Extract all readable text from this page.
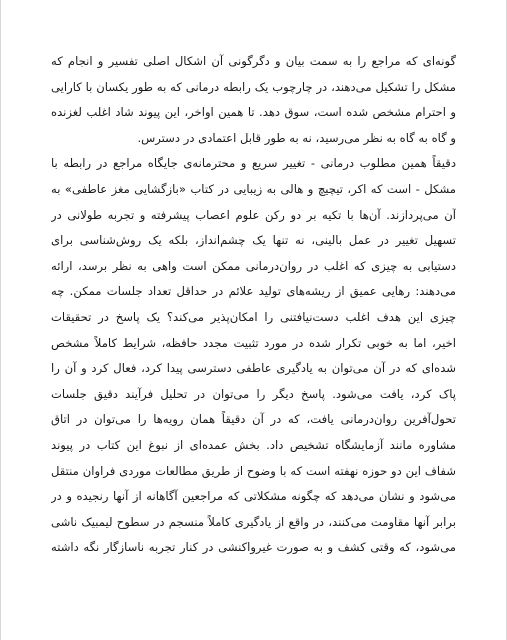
گونه‌ای که مراجع را به سمت بیان و دگرگونی آن اشکال اصلی تفسیر و انجام که
مشکل را تشکیل می‌دهند، در چارچوب یک رابطه درمانی که به طور یکسان با کارایی
و احترام مشخص شده است، سوق دهد. تا همین اواخر، این پیوند شاد اغلب لغزنده
و گاه به گاه به نظر می‌رسید، نه به طور قابل اعتمادی در دسترس.
دقیقاً همین مطلوب درمانی - تغییر سریع و محترمانه‌ی جایگاه مراجع در رابطه با
مشکل - است که اکر، تیچیچ و هالی به زیبایی در کتاب «بازگشایی مغز عاطفی» به
آن می‌پردازند. آن‌ها با تکیه بر دو رکن علوم اعصاب پیشرفته و تجربه طولانی در
تسهیل تغییر در عمل بالینی، نه تنها یک چشم‌انداز، بلکه یک روش‌شناسی برای
دستیابی به چیزی که اغلب در روان‌درمانی ممکن است واهی به نظر برسد، ارائه
می‌دهند: رهایی عمیق از ریشه‌های تولید علائم در حداقل تعداد جلسات ممکن. چه
چیزی این هدف اغلب دست‌نیافتنی را امکان‌پذیر می‌کند؟ یک پاسخ در تحقیقات
اخیر، اما به خوبی تکرار شده در مورد تثبیت مجدد حافظه، شرایط کاملاً مشخص
شده‌ای که در آن می‌توان به یادگیری عاطفی دسترسی پیدا کرد، فعال کرد و آن را
پاک کرد، یافت می‌شود. پاسخ دیگر را می‌توان در تحلیل فرآیند دقیق جلسات
تحول‌آفرین روان‌درمانی یافت، که در آن دقیقاً همان رویه‌ها را می‌توان در اتاق
مشاوره مانند آزمایشگاه تشخیص داد. بخش عمده‌ای از نبوغ این کتاب در پیوند
شفاف این دو حوزه نهفته است که با وضوح از طریق مطالعات موردی فراوان منتقل
می‌شود و نشان می‌دهد که چگونه مشکلاتی که مراجعین آگاهانه از آنها رنجیده و در
برابر آنها مقاومت می‌کنند، در واقع از یادگیری کاملاً منسجم در سطوح لیمبیک ناشی
می‌شود، که وقتی کشف و به صورت غیرواکنشی در کنار تجربه ناسازگار نگه داشته
